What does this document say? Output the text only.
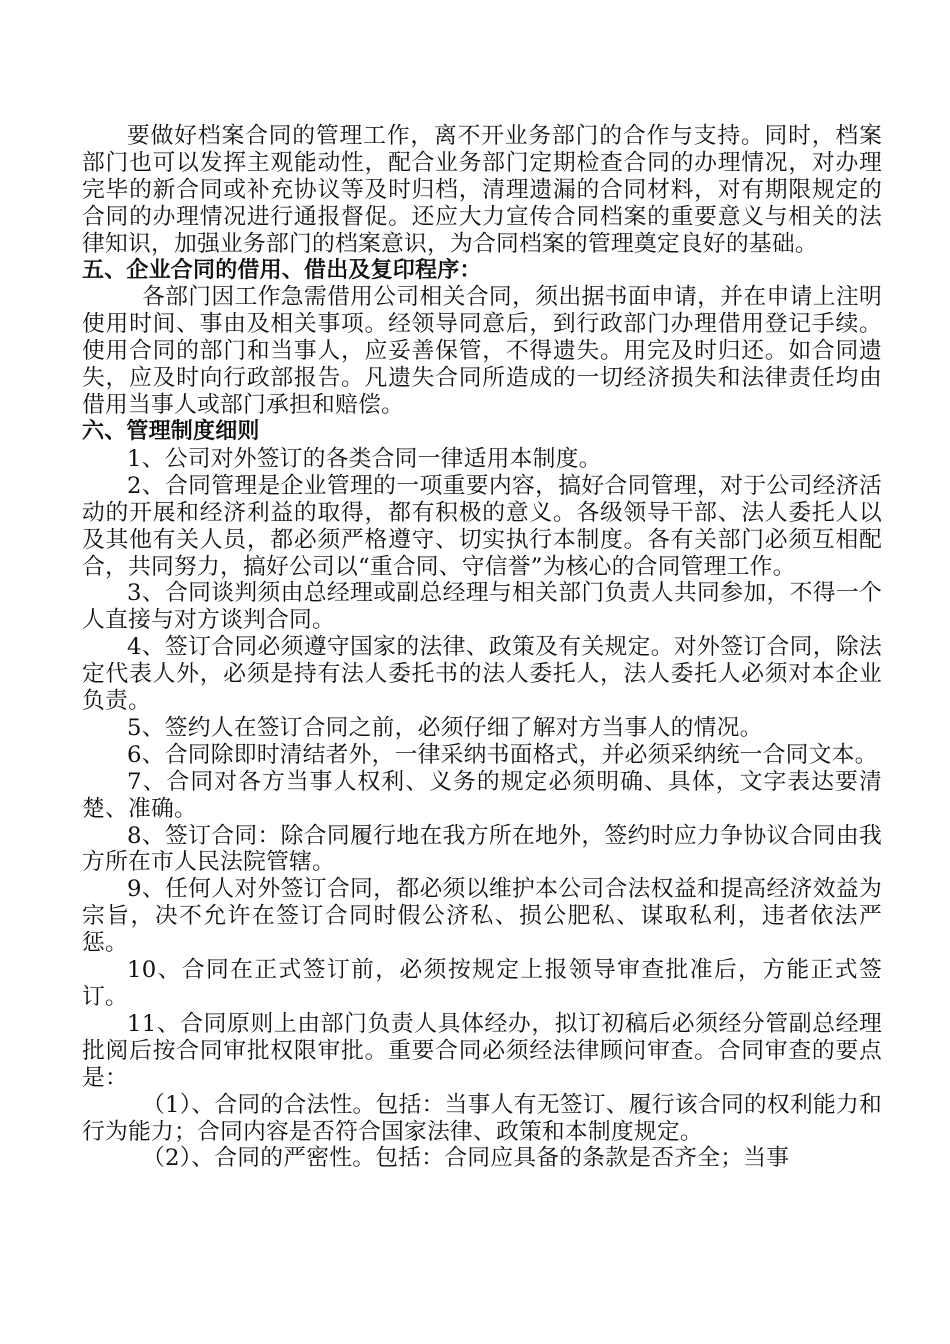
要做好档案合同的管理工作，离不开业务部门的合作与支持。同时，档案部门也可以发挥主观能动性，配合业务部门定期检查合同的办理情况，对办理完毕的新合同或补充协议等及时归档，清理遗漏的合同材料，对有期限规定的合同的办理情况进行通报督促。还应大力宣传合同档案的重要意义与相关的法律知识，加强业务部门的档案意识，为合同档案的管理奠定良好的基础。

五、企业合同的借用、借出及复印程序：

各部门因工作急需借用公司相关合同，须出据书面申请，并在申请上注明使用时间、事由及相关事项。经领导同意后，到行政部门办理借用登记手续。使用合同的部门和当事人，应妥善保管，不得遗失。用完及时归还。如合同遗失，应及时向行政部报告。凡遗失合同所造成的一切经济损失和法律责任均由借用当事人或部门承担和赔偿。

六、管理制度细则

1、公司对外签订的各类合同一律适用本制度。

2、合同管理是企业管理的一项重要内容，搞好合同管理，对于公司经济活动的开展和经济利益的取得，都有积极的意义。各级领导干部、法人委托人以及其他有关人员，都必须严格遵守、切实执行本制度。各有关部门必须互相配合，共同努力，搞好公司以“重合同、守信誉”为核心的合同管理工作。

3、合同谈判须由总经理或副总经理与相关部门负责人共同参加，不得一个人直接与对方谈判合同。

4、签订合同必须遵守国家的法律、政策及有关规定。对外签订合同，除法定代表人外，必须是持有法人委托书的法人委托人，法人委托人必须对本企业负责。

5、签约人在签订合同之前，必须仔细了解对方当事人的情况。

6、合同除即时清结者外，一律采纳书面格式，并必须采纳统一合同文本。

7、合同对各方当事人权利、义务的规定必须明确、具体，文字表达要清楚、准确。

8、签订合同：除合同履行地在我方所在地外，签约时应力争协议合同由我方所在市人民法院管辖。

9、任何人对外签订合同，都必须以维护本公司合法权益和提高经济效益为宗旨，决不允许在签订合同时假公济私、损公肥私、谋取私利，违者依法严惩。

10、合同在正式签订前，必须按规定上报领导审查批准后，方能正式签订。

11、合同原则上由部门负责人具体经办，拟订初稿后必须经分管副总经理批阅后按合同审批权限审批。重要合同必须经法律顾问审查。合同审查的要点是：

（1）、合同的合法性。包括：当事人有无签订、履行该合同的权利能力和行为能力；合同内容是否符合国家法律、政策和本制度规定。

（2）、合同的严密性。包括：合同应具备的条款是否齐全；当事
